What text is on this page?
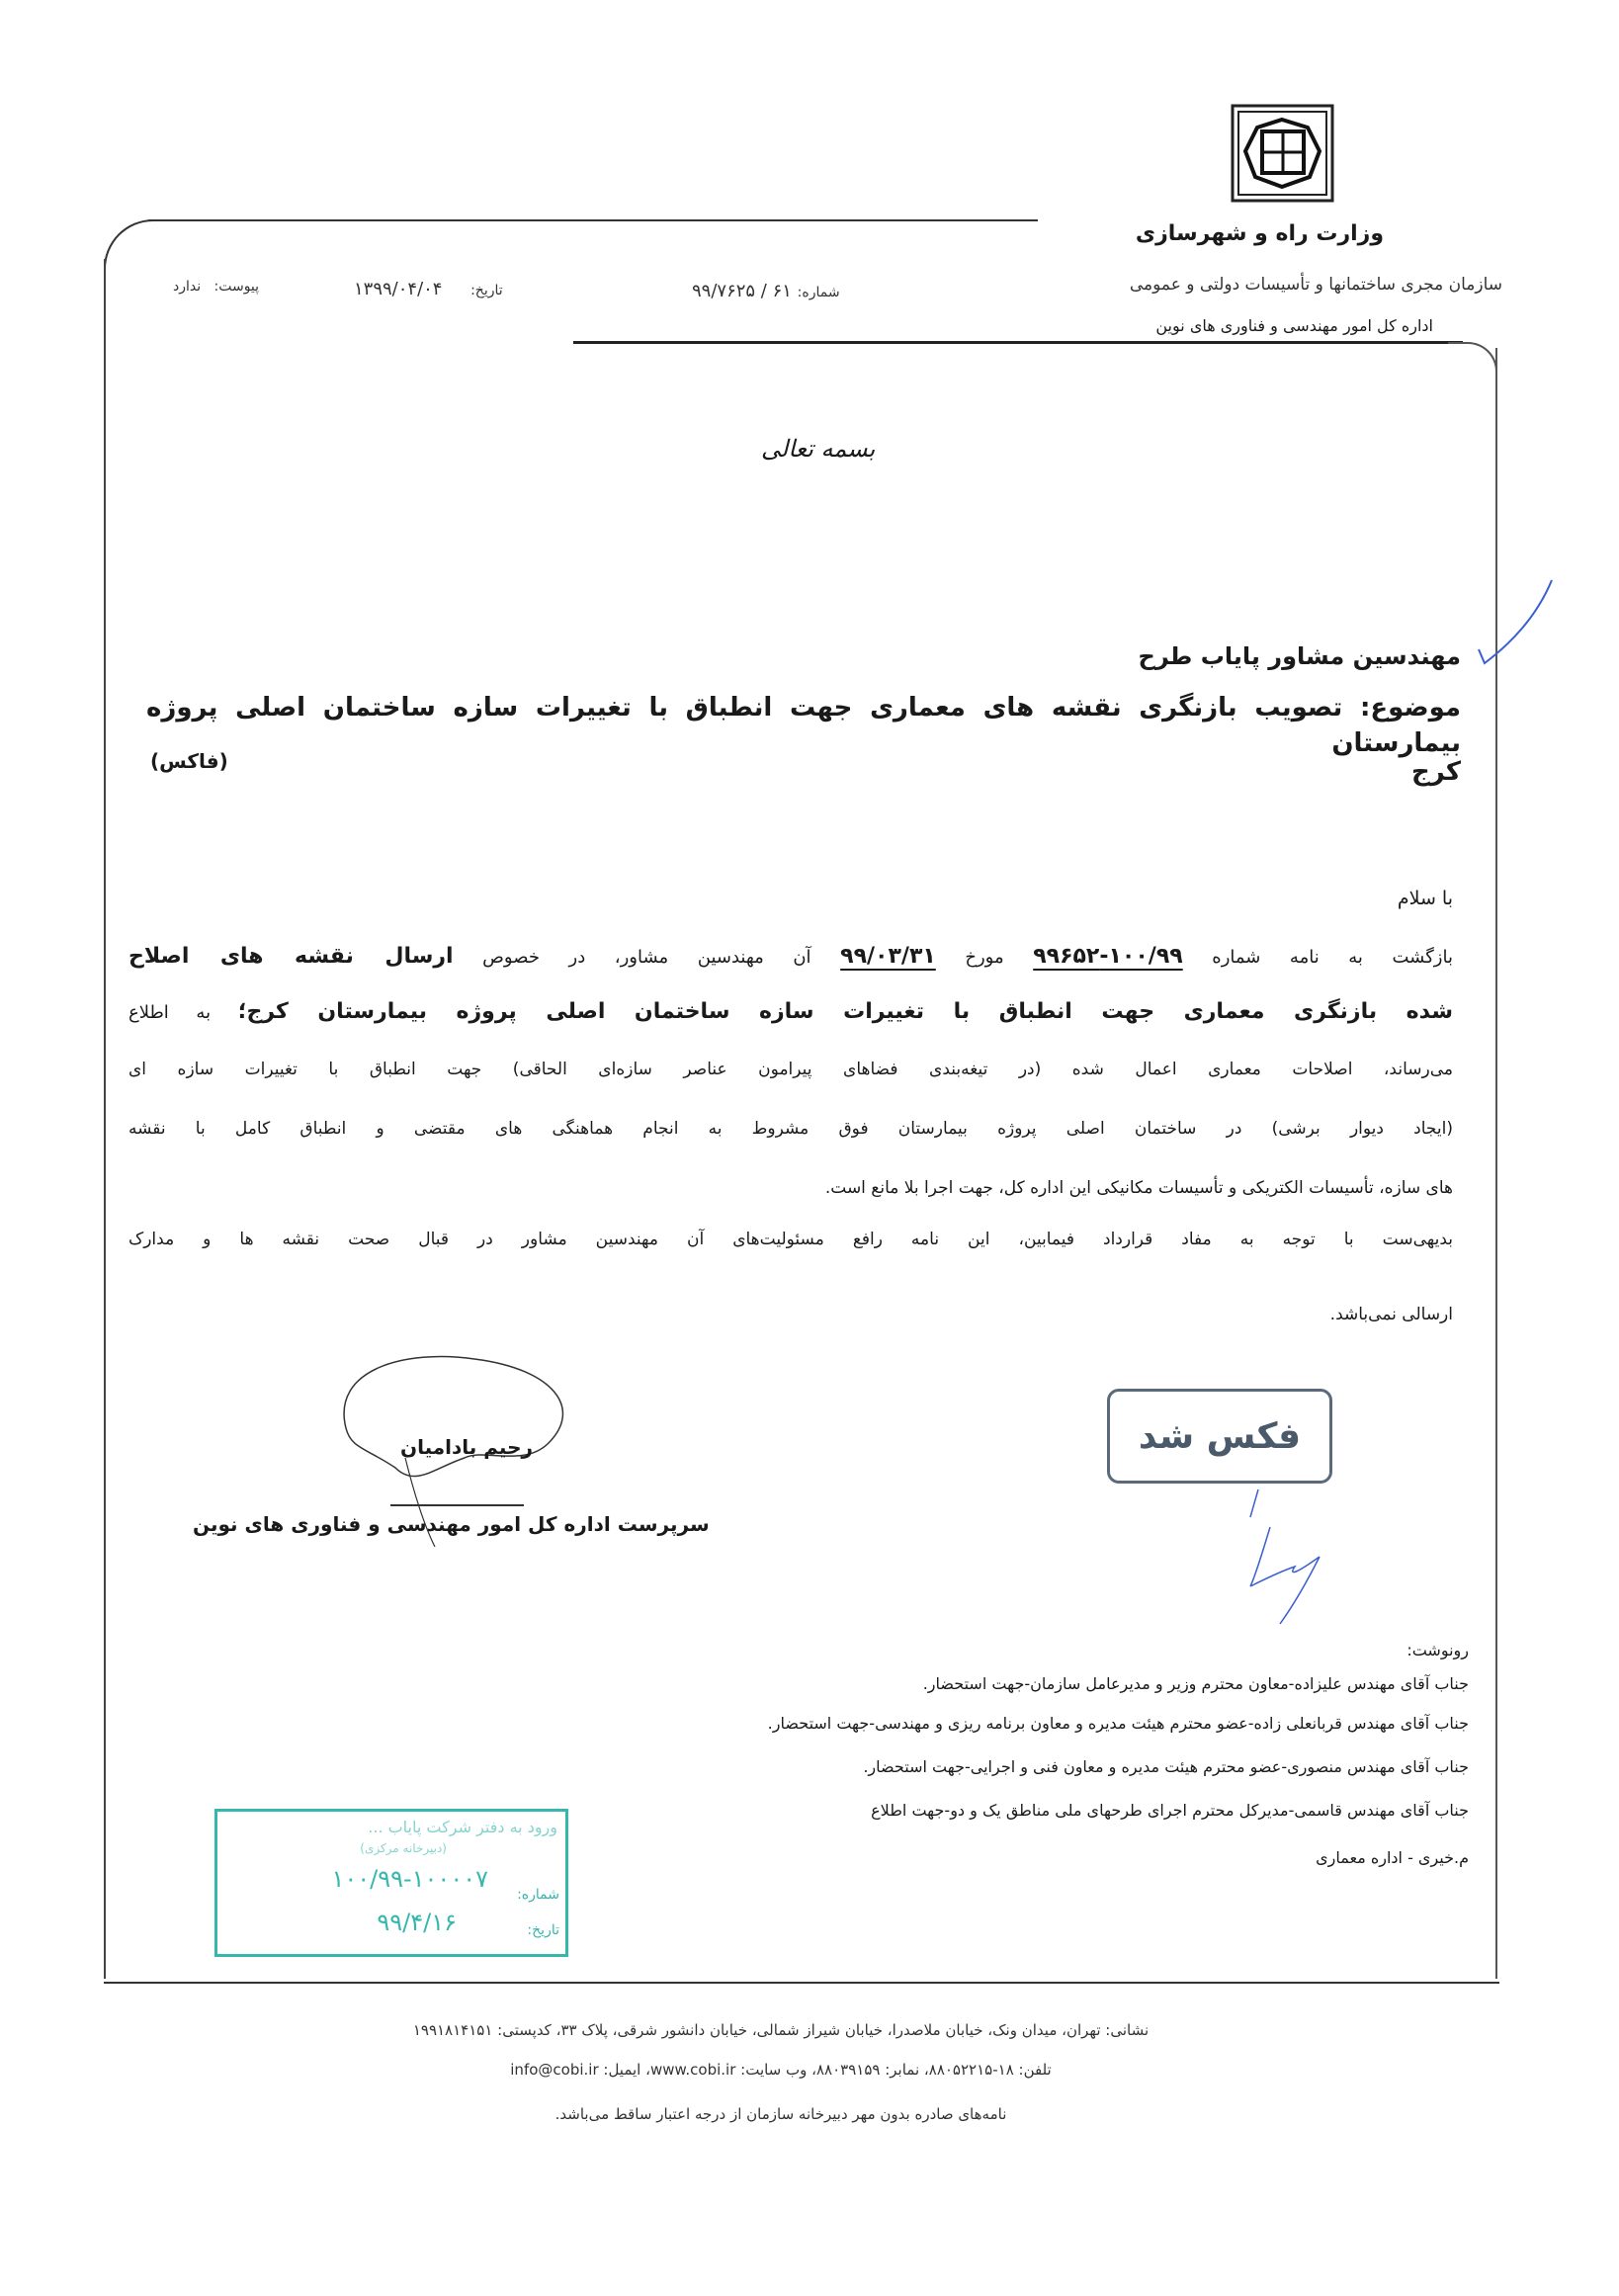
وزارت راه و شهرسازی
سازمان مجری ساختمانها و تأسیسات دولتی و عمومی
اداره کل امور مهندسی و فناوری های نوین
شماره: ۶۱ / ۹۹/۷۶۲۵
تاریخ:     ۱۳۹۹/۰۴/۰۴
پیوست:   ندارد
بسمه تعالی
مهندسین مشاور پایاب طرح
موضوع: تصویب بازنگری نقشه های معماری جهت انطباق با تغییرات سازه ساختمان اصلی پروژه بیمارستان
کرج
(فاکس)
با سلام
بازگشت به نامه شماره ۱۰۰/۹۹-۹۹۶۵۲ مورخ ۹۹/۰۳/۳۱ آن مهندسین مشاور، در خصوص ارسال نقشه های اصلاح
شده بازنگری معماری جهت انطباق با تغییرات سازه ساختمان اصلی پروژه بیمارستان کرج؛ به اطلاع
می‌رساند، اصلاحات معماری اعمال شده (در تیغه‌بندی فضاهای پیرامون عناصر سازه‌ای الحاقی) جهت انطباق با تغییرات سازه ای
(ایجاد دیوار برشی) در ساختمان اصلی پروژه بیمارستان فوق مشروط به انجام هماهنگی های مقتضی و انطباق کامل با نقشه
های سازه، تأسیسات الکتریکی و تأسیسات مکانیکی این اداره کل، جهت اجرا بلا مانع است.
بدیهی‌ست با توجه به مفاد قرارداد فیمابین، این نامه رافع مسئولیت‌های آن مهندسین مشاور در قبال صحت نقشه ها و مدارک
ارسالی نمی‌باشد.
رحیم بادامیان
سرپرست اداره کل امور مهندسی و فناوری های نوین
فکس شد
رونوشت:
جناب آقای مهندس علیزاده-معاون محترم وزیر و مدیرعامل سازمان-جهت استحضار.
جناب آقای مهندس قربانعلی زاده-عضو محترم هیئت مدیره و معاون برنامه ریزی و مهندسی-جهت استحضار.
جناب آقای مهندس منصوری-عضو محترم هیئت مدیره و معاون فنی و اجرایی-جهت استحضار.
جناب آقای مهندس قاسمی-مدیرکل محترم اجرای طرحهای ملی مناطق یک و دو-جهت اطلاع
م.خیری - اداره معماری
ورود به دفتر شرکت پایاب ...
(دبیرخانه مرکزی)
شماره:
۱۰۰/۹۹-۱۰۰۰۰۷
تاریخ:
۹۹/۴/۱۶
نشانی: تهران، میدان ونک، خیابان ملاصدرا، خیابان شیراز شمالی، خیابان دانشور شرقی، پلاک ۳۳، کدپستی: ۱۹۹۱۸۱۴۱۵۱
تلفن: ۱۸-۸۸۰۵۲۲۱۵، نمابر: ۸۸۰۳۹۱۵۹، وب سایت: www.cobi.ir، ایمیل: info@cobi.ir
نامه‌های صادره بدون مهر دبیرخانه سازمان از درجه اعتبار ساقط می‌باشد.
